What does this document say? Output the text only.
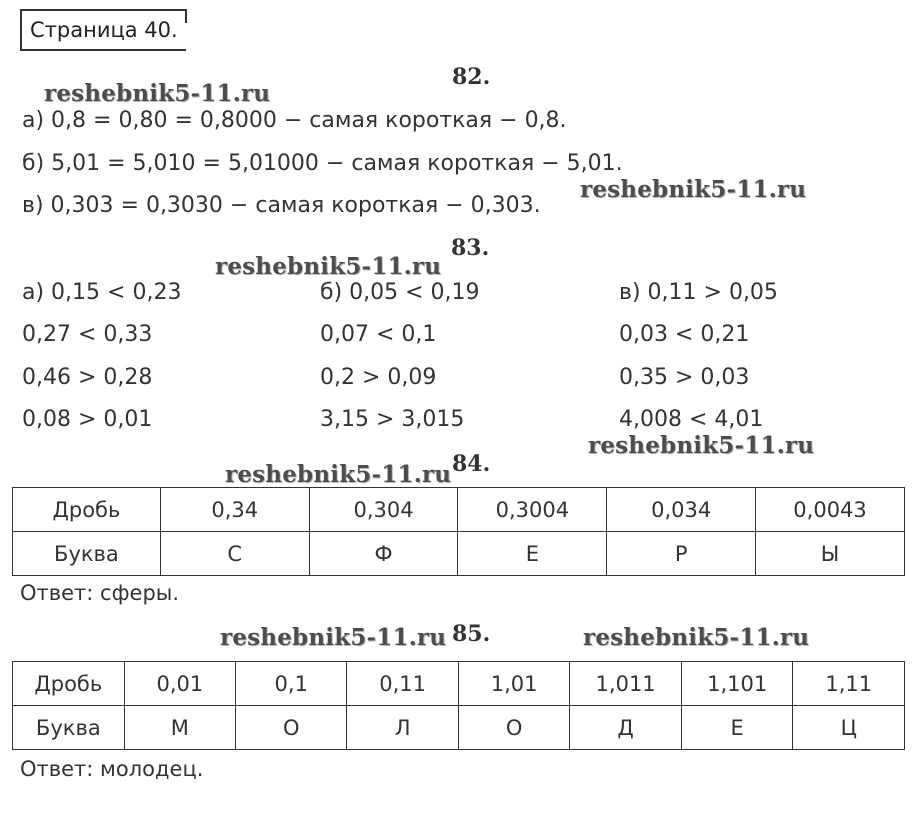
Страница 40.
82.
reshebnik5-11.ru
а) 0,8 = 0,80 = 0,8000 − самая короткая − 0,8.
б) 5,01 = 5,010 = 5,01000 − самая короткая − 5,01.
reshebnik5-11.ru
в) 0,303 = 0,3030 − самая короткая − 0,303.
83.
reshebnik5-11.ru
а) 0,15 < 0,23	б) 0,05 < 0,19	в) 0,11 > 0,05
0,27 < 0,33	0,07 < 0,1	0,03 < 0,21
0,46 > 0,28	0,2 > 0,09	0,35 > 0,03
0,08 > 0,01	3,15 > 3,015	4,008 < 4,01
reshebnik5-11.ru
reshebnik5-11.ru 84.
Дробь	0,34	0,304	0,3004	0,034	0,0043
Буква	С	Ф	Е	Р	Ы
Ответ: сферы.
reshebnik5-11.ru 85.	reshebnik5-11.ru
Дробь	0,01	0,1	0,11	1,01	1,011	1,101	1,11
Буква	М	О	Л	О	Д	Е	Ц
Ответ: молодец.
